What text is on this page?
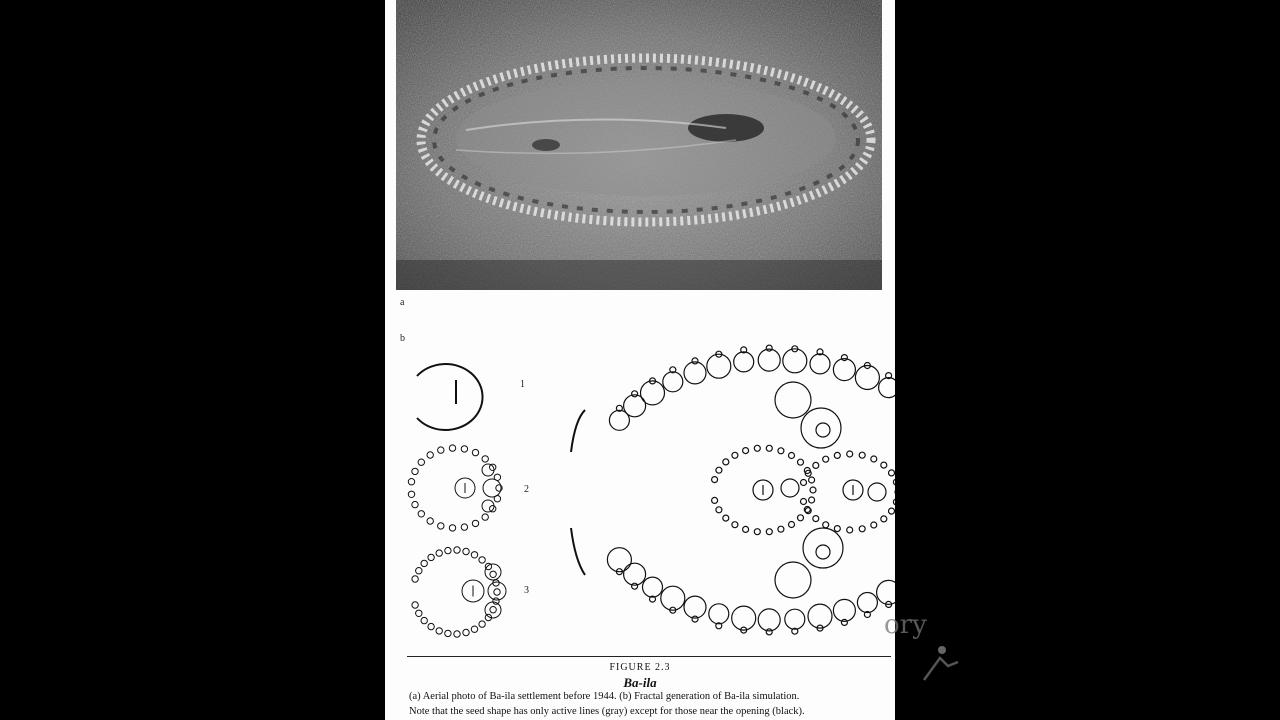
a
b
1
2
3
FIGURE 2.3
Ba-ila
(a) Aerial photo of Ba-ila settlement before 1944. (b) Fractal generation of Ba-ila simulation.
Note that the seed shape has only active lines (gray) except for those near the opening (black).
ory
